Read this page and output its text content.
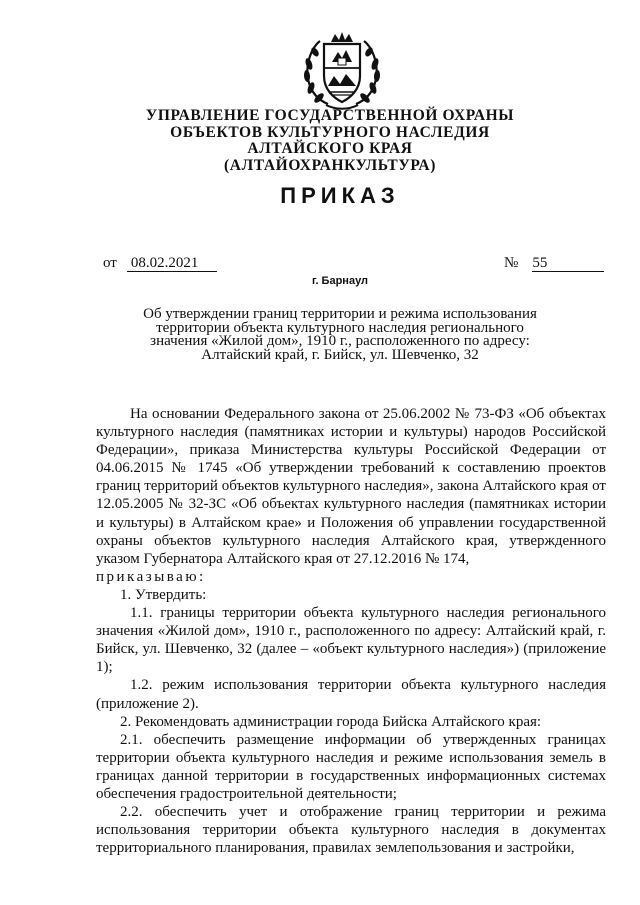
УПРАВЛЕНИЕ ГОСУДАРСТВЕННОЙ ОХРАНЫ
ОБЪЕКТОВ КУЛЬТУРНОГО НАСЛЕДИЯ
АЛТАЙСКОГО КРАЯ
(АЛТАЙОХРАНКУЛЬТУРА)
ПРИКАЗ
от 08.02.2021	№ 55
г. Барнаул
Об утверждении границ территории и режима использования
территории объекта культурного наследия регионального
значения «Жилой дом», 1910 г., расположенного по адресу:
Алтайский край, г. Бийск, ул. Шевченко, 32

На основании Федерального закона от 25.06.2002 № 73-ФЗ «Об объектах культурного наследия (памятниках истории и культуры) народов Российской Федерации», приказа Министерства культуры Российской Федерации от 04.06.2015 № 1745 «Об утверждении требований к составлению проектов границ территорий объектов культурного наследия», закона Алтайского края от 12.05.2005 № 32-ЗС «Об объектах культурного наследия (памятниках истории и культуры) в Алтайском крае» и Положения об управлении государственной охраны объектов культурного наследия Алтайского края, утвержденного указом Губернатора Алтайского края от 27.12.2016 № 174,

приказываю:

1. Утвердить:

1.1. границы территории объекта культурного наследия регионального значения «Жилой дом», 1910 г., расположенного по адресу: Алтайский край, г. Бийск, ул. Шевченко, 32 (далее – «объект культурного наследия») (приложение 1);

1.2. режим использования территории объекта культурного наследия (приложение 2).

2. Рекомендовать администрации города Бийска Алтайского края:

2.1. обеспечить размещение информации об утвержденных границах территории объекта культурного наследия и режиме использования земель в границах данной территории в государственных информационных системах обеспечения градостроительной деятельности;

2.2. обеспечить учет и отображение границ территории и режима использования территории объекта культурного наследия в документах территориального планирования, правилах землепользования и застройки,
